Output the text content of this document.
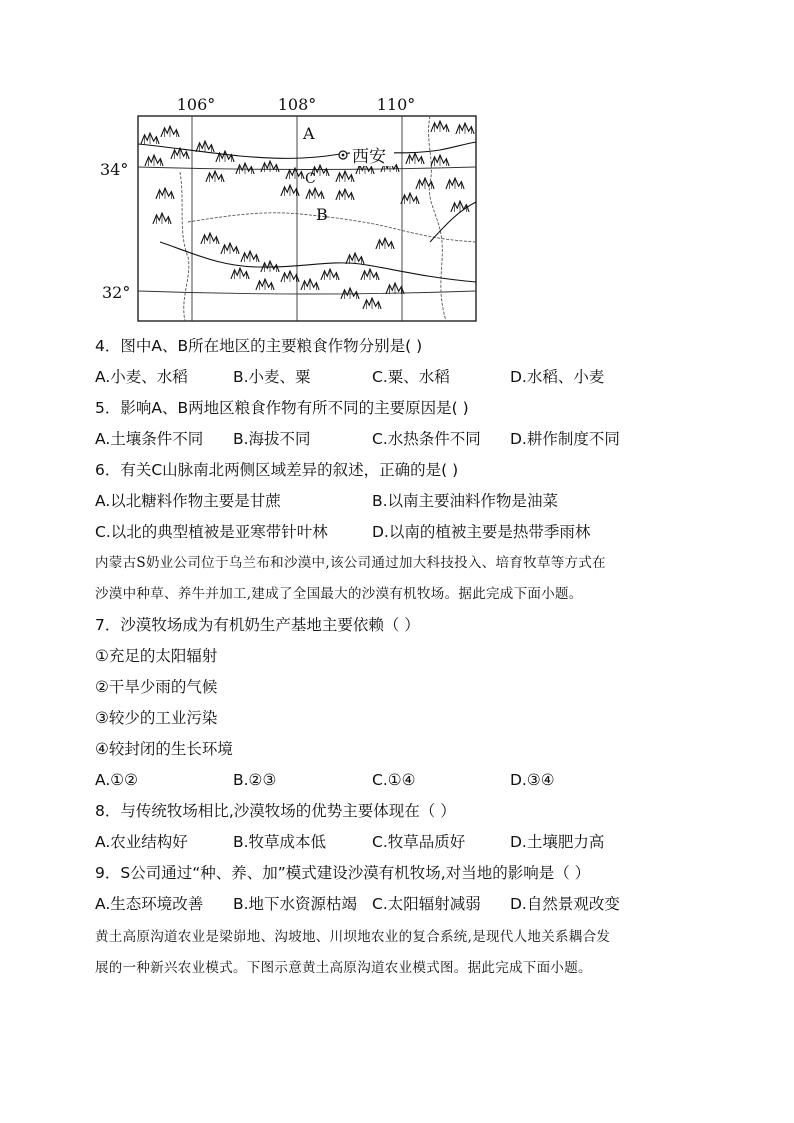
106°	108°	110°
34°
32°
A
B
C
西安
4．图中A、B所在地区的主要粮食作物分别是( )
A.小麦、水稻	B.小麦、粟	C.粟、水稻	D.水稻、小麦
5．影响A、B两地区粮食作物有所不同的主要原因是( )
A.土壤条件不同 B.海拔不同	C.水热条件不同 D.耕作制度不同
6．有关C山脉南北两侧区域差异的叙述，正确的是( )
A.以北糖料作物主要是甘蔗	B.以南主要油料作物是油菜
C.以北的典型植被是亚寒带针叶林	D.以南的植被主要是热带季雨林
内蒙古S奶业公司位于乌兰布和沙漠中,该公司通过加大科技投入、培育牧草等方式在
沙漠中种草、养牛并加工,建成了全国最大的沙漠有机牧场。据此完成下面小题。
7．沙漠牧场成为有机奶生产基地主要依赖（ ）
①充足的太阳辐射
②干旱少雨的气候
③较少的工业污染
④较封闭的生长环境
A.①②	B.②③	C.①④	D.③④
8．与传统牧场相比,沙漠牧场的优势主要体现在（ ）
A.农业结构好	B.牧草成本低	C.牧草品质好	D.土壤肥力高
9．S公司通过“种、养、加”模式建设沙漠有机牧场,对当地的影响是（ ）
A.生态环境改善 B.地下水资源枯竭 C.太阳辐射减弱 D.自然景观改变
黄土高原沟道农业是梁峁地、沟坡地、川坝地农业的复合系统,是现代人地关系耦合发
展的一种新兴农业模式。下图示意黄土高原沟道农业模式图。据此完成下面小题。
